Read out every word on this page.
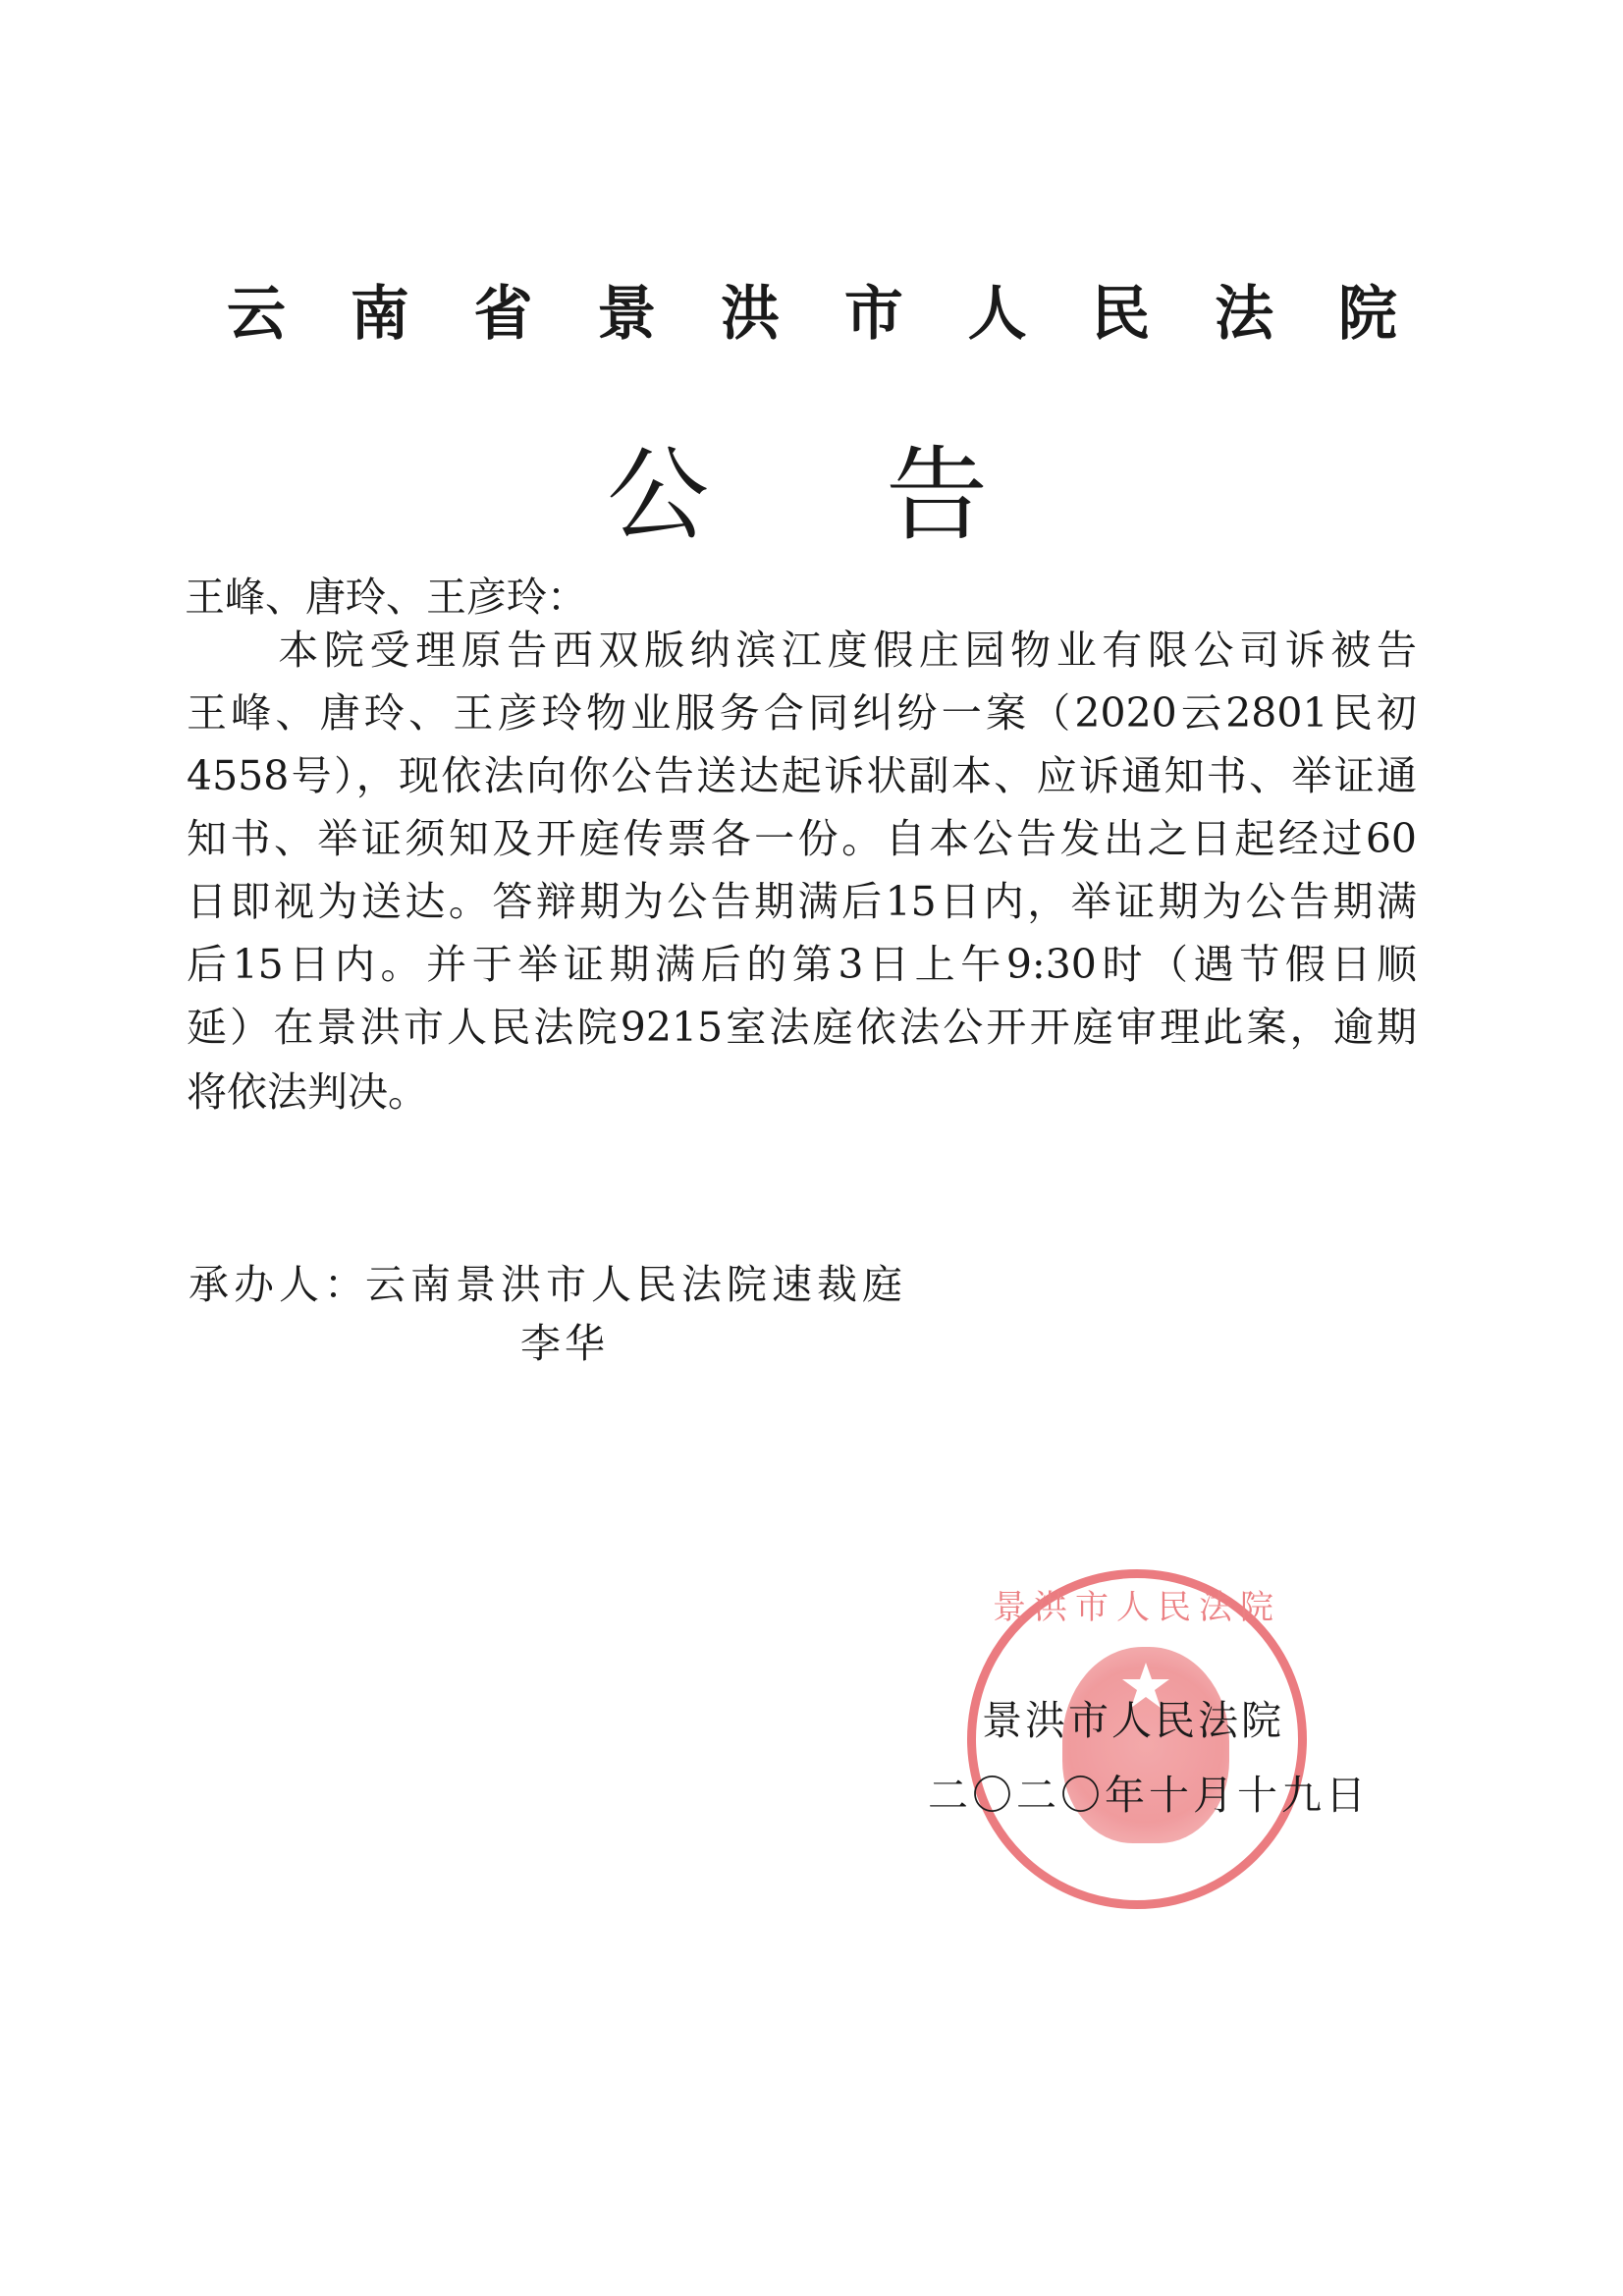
云 南 省 景 洪 市 人 民 法 院
公 告
王峰、唐玲、王彦玲：
　　本院受理原告西双版纳滨江度假庄园物业有限公司诉被告
王峰、唐玲、王彦玲物业服务合同纠纷一案（2020云2801民初
4558号），现依法向你公告送达起诉状副本、应诉通知书、举证通
知书、举证须知及开庭传票各一份。自本公告发出之日起经过60
日即视为送达。答辩期为公告期满后15日内，举证期为公告期满
后15日内。并于举证期满后的第3日上午9:30时（遇节假日顺
延）在景洪市人民法院9215室法庭依法公开开庭审理此案，逾期
将依法判决。
承办人：
云南景洪市人民法院速裁庭
李华
景洪市人民法院
景洪市人民法院
二〇二〇年十月十九日
